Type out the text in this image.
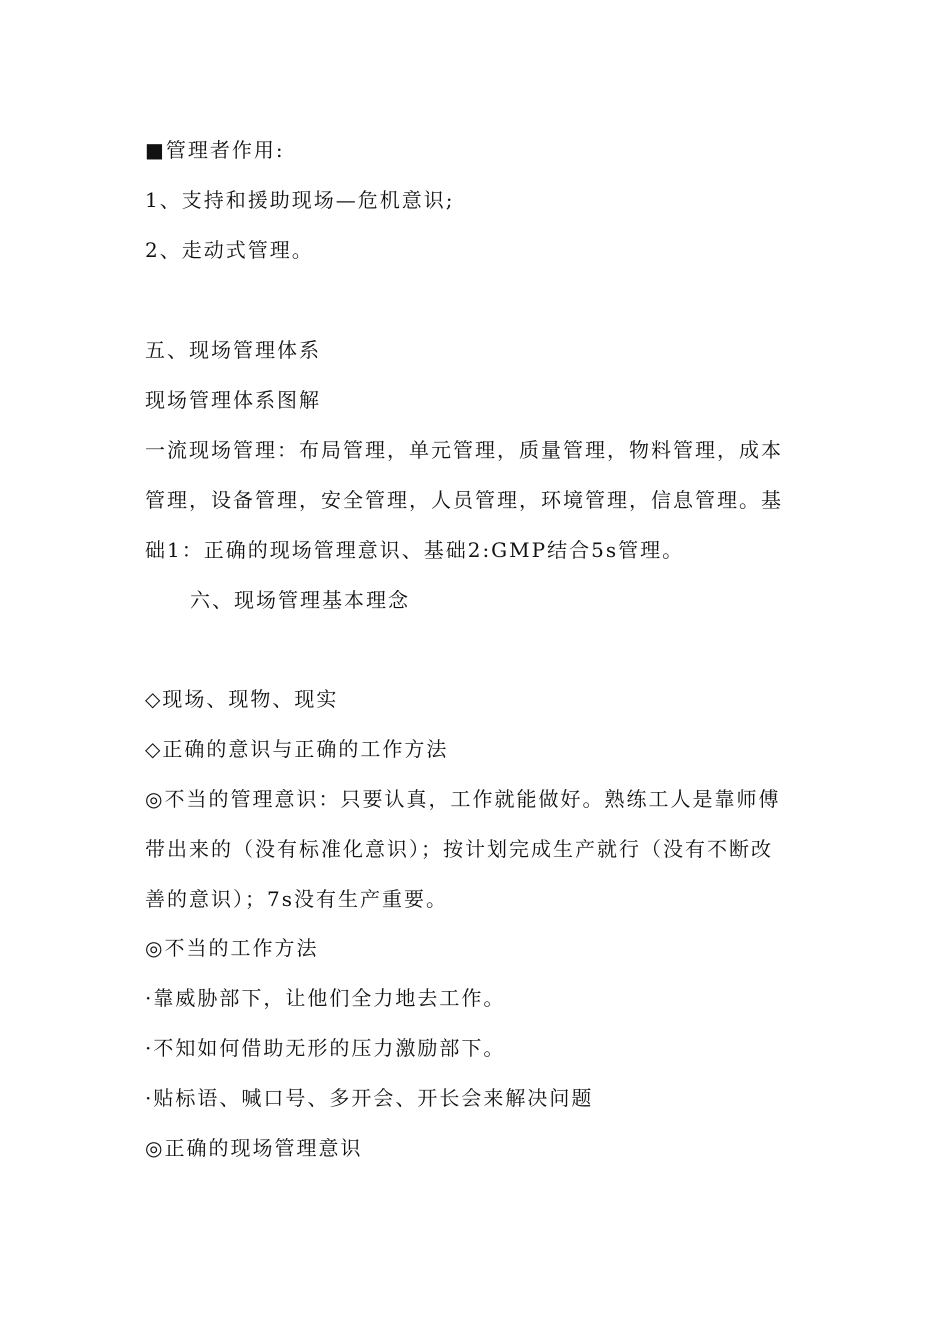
■管理者作用:
1、支持和援助现场—危机意识;
2、走动式管理。
五、现场管理体系
现场管理体系图解
一流现场管理：布局管理，单元管理，质量管理，物料管理，成本
管理，设备管理，安全管理，人员管理，环境管理，信息管理。基
础1：正确的现场管理意识、基础2:GMP结合5s管理。
六、现场管理基本理念
◇现场、现物、现实
◇正确的意识与正确的工作方法
◎不当的管理意识：只要认真，工作就能做好。熟练工人是靠师傅
带出来的（没有标准化意识）；按计划完成生产就行（没有不断改
善的意识）；7s没有生产重要。
◎不当的工作方法
·靠威胁部下，让他们全力地去工作。
·不知如何借助无形的压力激励部下。
·贴标语、喊口号、多开会、开长会来解决问题
◎正确的现场管理意识
